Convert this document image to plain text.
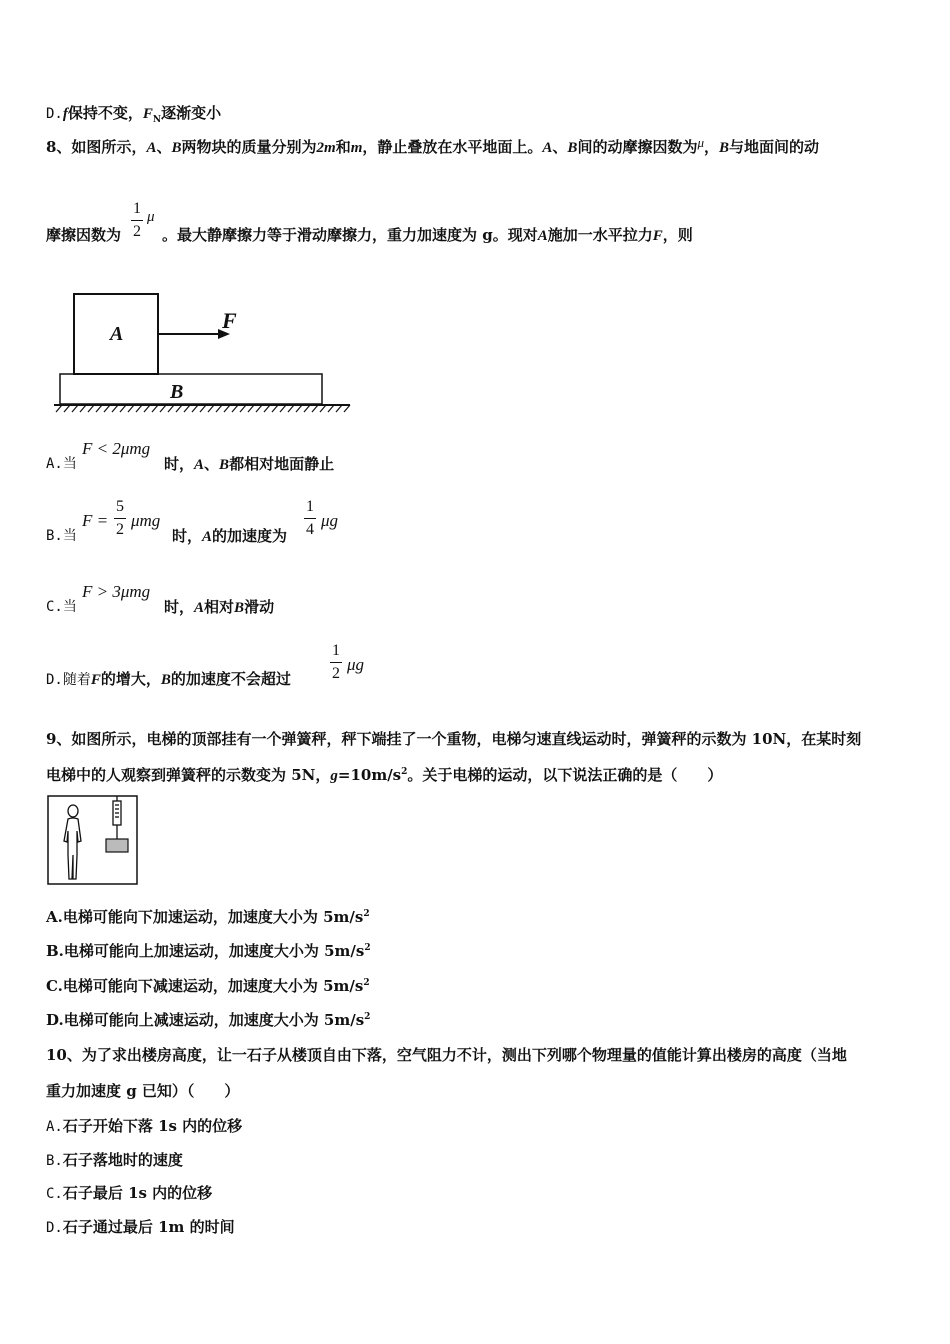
D.f保持不变，$F_N$逐渐变小
8、如图所示，A、B两物块的质量分别为2m和m，静止叠放在水平地面上。A、B间的动摩擦因数为μ，B与地面间的动
摩擦因数为
1
2
μ
。最大静摩擦力等于滑动摩擦力，重力加速度为 g。现对A施加一水平拉力F，则
A
F
B
A.当
F < 2μmg
时，A、B都相对地面静止
B.当
F =
5
2 μmg
时，A的加速度为
1
4 μg
C.当
F > 3μmg
时，A相对B滑动
D.随着F的增大，B的加速度不会超过
1
2 μg
9、如图所示，电梯的顶部挂有一个弹簧秤，秤下端挂了一个重物，电梯匀速直线运动时，弹簧秤的示数为 10N，在某时刻
电梯中的人观察到弹簧秤的示数变为 5N，$g=10m/s^2$。关于电梯的运动，以下说法正确的是（　　）
A.电梯可能向下加速运动，加速度大小为 $5m/s^2$
B.电梯可能向上加速运动，加速度大小为 $5m/s^2$
C.电梯可能向下减速运动，加速度大小为 $5m/s^2$
D.电梯可能向上减速运动，加速度大小为 $5m/s^2$
10、为了求出楼房高度，让一石子从楼顶自由下落，空气阻力不计，测出下列哪个物理量的值能计算出楼房的高度（当地
重力加速度 g 已知）（　　）
A.石子开始下落 1s 内的位移
B.石子落地时的速度
C.石子最后 1s 内的位移
D.石子通过最后 1m 的时间
